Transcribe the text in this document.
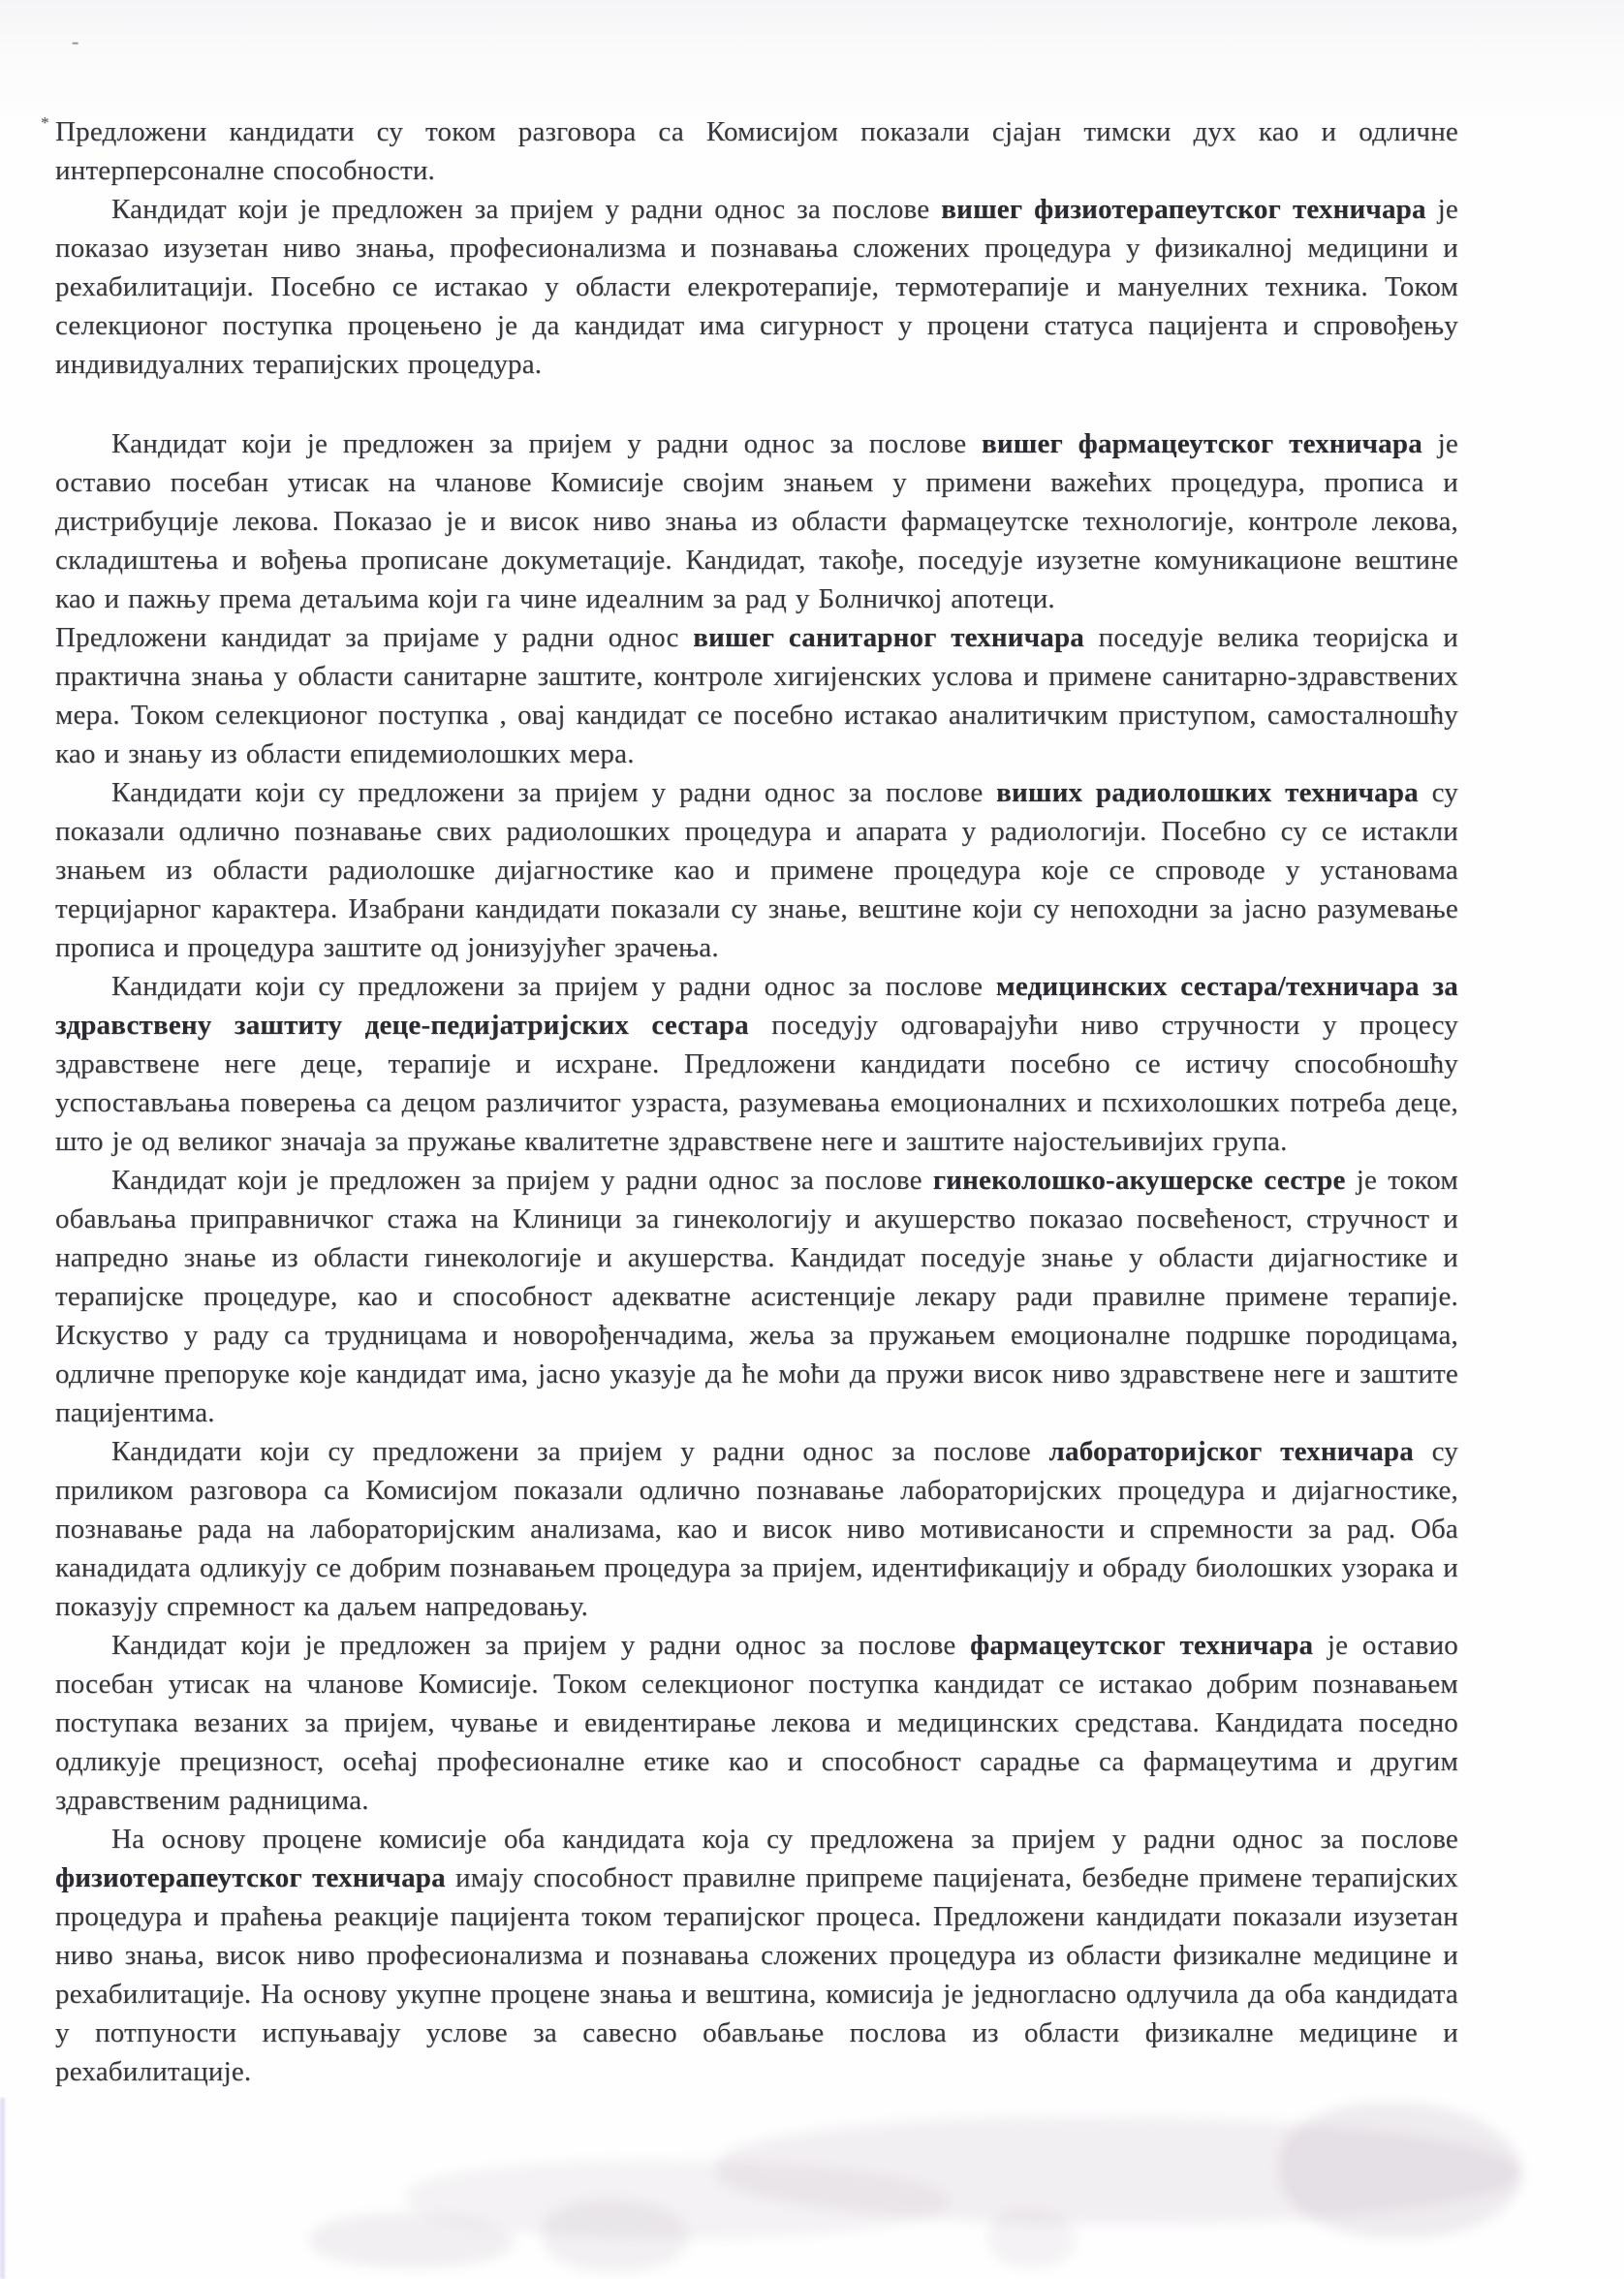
-

* Предложени кандидати су током разговора са Комисијом показали сјајан тимски дух као и одличне интерперсоналне способности.

Кандидат који је предложен за пријем у радни однос за послове вишег физиотерапеутског техничара је показао изузетан ниво знања, професионализма и познавања сложених процедура у физикалној медицини и рехабилитацији. Посебно се истакао у области елекротерапије, термотерапије и мануелних техника. Током селекционог поступка процењено је да кандидат има сигурност у процени статуса пацијента и спровођењу индивидуалних терапијских процедура.

Кандидат који је предложен за пријем у радни однос за послове вишег фармацеутског техничара је оставио посебан утисак на чланове Комисије својим знањем у примени важећих процедура, прописа и дистрибуције лекова. Показао је и висок ниво знања из области фармацеутске технологије, контроле лекова, складиштења и вођења прописане докуметације. Кандидат, такође, поседује изузетне комуникационе вештине као и пажњу према детаљима који га чине идеалним за рад у Болничкој апотеци.

Предложени кандидат за пријаме у радни однос вишег санитарног техничара поседује велика теоријска и практична знања у области санитарне заштите, контроле хигијенских услова и примене санитарно-здравствених мера. Током селекционог поступка , овај кандидат се посебно истакао аналитичким приступом, самосталношћу као и знању из области епидемиолошких мера.

Кандидати који су предложени за пријем у радни однос за послове виших радиолошких техничара су показали одлично познавање свих радиолошких процедура и апарата у радиологији. Посебно су се истакли знањем из области радиолошке дијагностике као и примене процедура које се спроводе у установама терцијарног карактера. Изабрани кандидати показали су знање, вештине који су непоходни за јасно разумевање прописа и процедура заштите од јонизујућег зрачења.

Кандидати који су предложени за пријем у радни однос за послове медицинских сестара/техничара за здравствену заштиту деце-педијатријских сестара поседују одговарајући ниво стручности у процесу здравствене неге деце, терапије и исхране. Предложени кандидати посебно се истичу способношћу успостављања поверења са децом различитог узраста, разумевања емоционалних и псхихолошких потреба деце, што је од великог значаја за пружање квалитетне здравствене неге и заштите најостељивијих група.

Кандидат који је предложен за пријем у радни однос за послове гинеколошко-акушерске сестре је током обављања приправничког стажа на Клиници за гинекологију и акушерство показао посвећеност, стручност и напредно знање из области гинекологије и акушерства. Кандидат поседује знање у области дијагностике и терапијске процедуре, као и способност адекватне асистенције лекару ради правилне примене терапије. Искуство у раду са трудницама и новорођенчадима, жеља за пружањем емоционалне подршке породицама, одличне препоруке које кандидат има, јасно указује да ће моћи да пружи висок ниво здравствене неге и заштите пацијентима.

Кандидати који су предложени за пријем у радни однос за послове лабораторијског техничара су приликом разговора са Комисијом показали одлично познавање лабораторијских процедура и дијагностике, познавање рада на лабораторијским анализама, као и висок ниво мотивисаности и спремности за рад. Оба канадидата одликују се добрим познавањем процедура за пријем, идентификацију и обраду биолошких узорака и показују спремност ка даљем напредовању.

Кандидат који је предложен за пријем у радни однос за послове фармацеутског техничара је оставио посебан утисак на чланове Комисије. Током селекционог поступка кандидат се истакао добрим познавањем поступака везаних за пријем, чување и евидентирање лекова и медицинских средстава. Кандидата поседно одликује прецизност, осећај професионалне етике као и способност сарадње са фармацеутима и другим здравственим радницима.

На основу процене комисије оба кандидата која су предложена за пријем у радни однос за послове физиотерапеутског техничара имају способност правилне припреме пацијената, безбедне примене терапијских процедура и праћења реакције пацијента током терапијског процеса. Предложени кандидати показали изузетан ниво знања, висок ниво професионализма и познавања сложених процедура из области физикалне медицине и рехабилитације. На основу укупне процене знања и вештина, комисија је једногласно одлучила да оба кандидата у потпуности испуњавају услове за савесно обављање послова из области физикалне медицине и рехабилитације.
